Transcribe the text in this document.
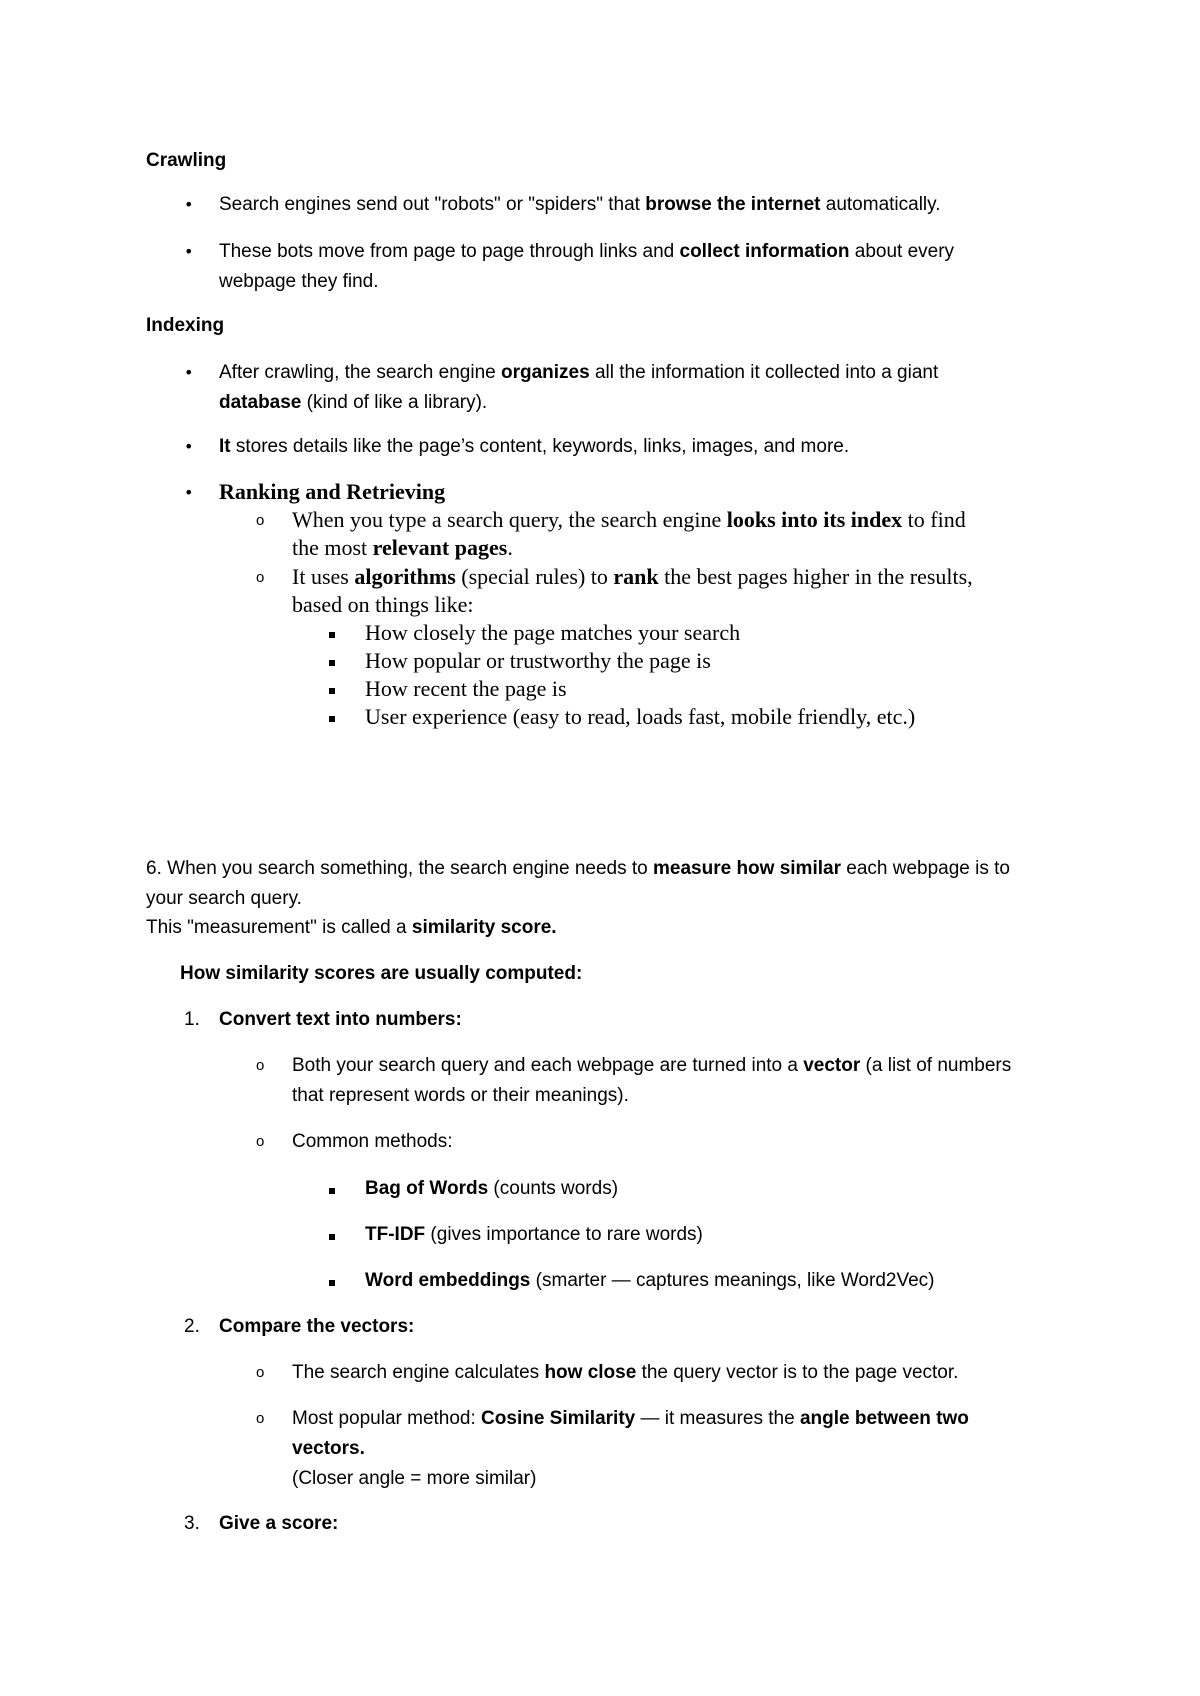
Crawling
• Search engines send out "robots" or "spiders" that browse the internet automatically.
• These bots move from page to page through links and collect information about every
webpage they find.
Indexing
• After crawling, the search engine organizes all the information it collected into a giant
database (kind of like a library).
• It stores details like the page’s content, keywords, links, images, and more.
• Ranking and Retrieving
o When you type a search query, the search engine looks into its index to find
the most relevant pages.
o It uses algorithms (special rules) to rank the best pages higher in the results,
based on things like:
How closely the page matches your search
How popular or trustworthy the page is
How recent the page is
User experience (easy to read, loads fast, mobile friendly, etc.)
6. When you search something, the search engine needs to measure how similar each webpage is to
your search query.
This "measurement" is called a similarity score.
How similarity scores are usually computed:
1. Convert text into numbers:
o Both your search query and each webpage are turned into a vector (a list of numbers
that represent words or their meanings).
o Common methods:
Bag of Words (counts words)
TF-IDF (gives importance to rare words)
Word embeddings (smarter — captures meanings, like Word2Vec)
2. Compare the vectors:
o The search engine calculates how close the query vector is to the page vector.
o Most popular method: Cosine Similarity — it measures the angle between two
vectors.
(Closer angle = more similar)
3. Give a score:
